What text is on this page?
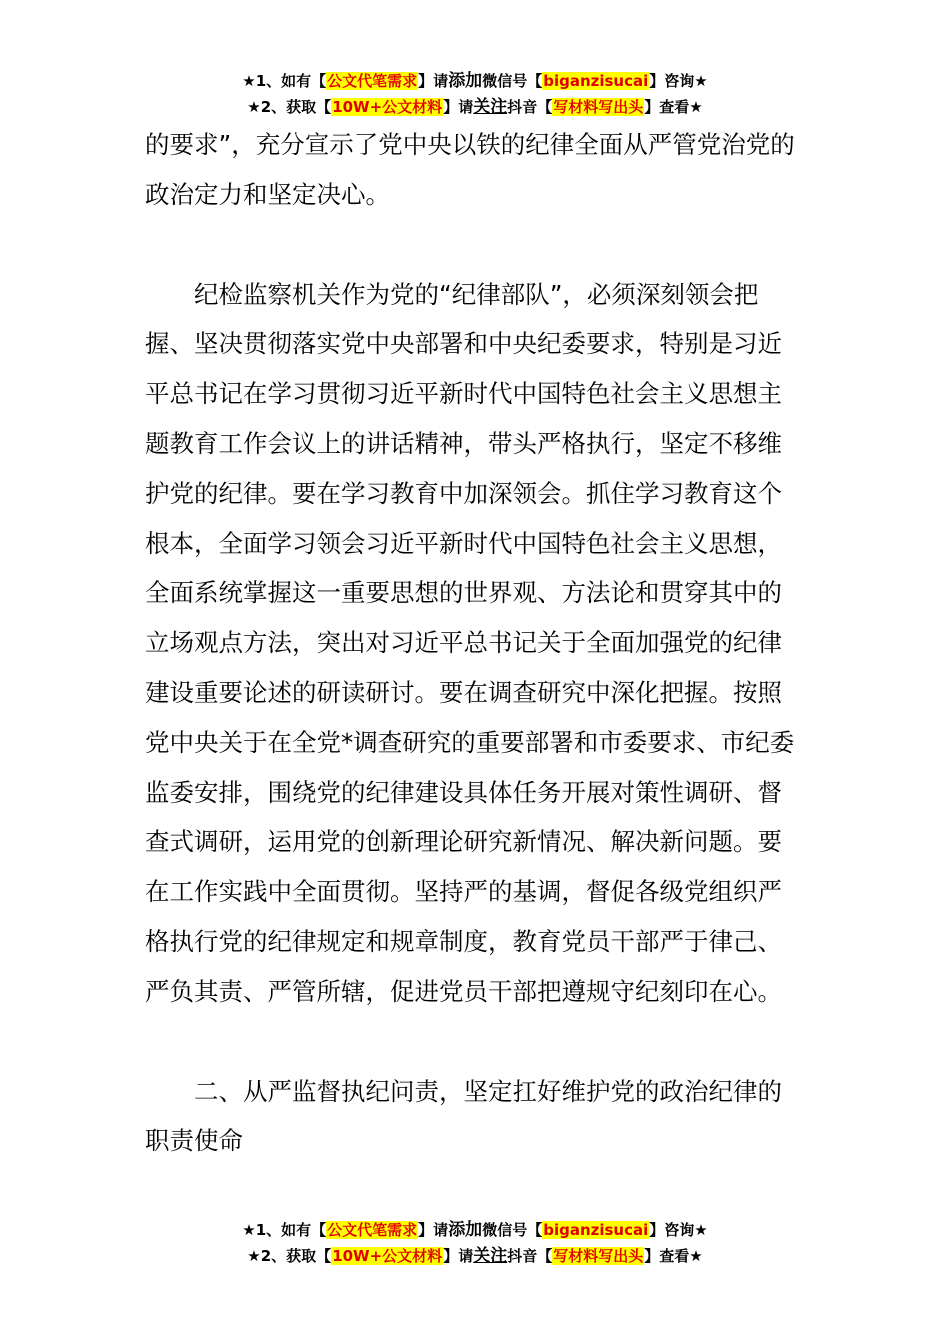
★1、如有【公文代笔需求】请添加微信号【biganzisucai】咨询★
★2、获取【10W+公文材料】请关注抖音【写材料写出头】查看★

的要求”，充分宣示了党中央以铁的纪律全面从严管党治党的政治定力和坚定决心。

纪检监察机关作为党的“纪律部队”，必须深刻领会把握、坚决贯彻落实党中央部署和中央纪委要求，特别是习近平总书记在学习贯彻习近平新时代中国特色社会主义思想主题教育工作会议上的讲话精神，带头严格执行，坚定不移维护党的纪律。要在学习教育中加深领会。抓住学习教育这个根本，全面学习领会习近平新时代中国特色社会主义思想，全面系统掌握这一重要思想的世界观、方法论和贯穿其中的立场观点方法，突出对习近平总书记关于全面加强党的纪律建设重要论述的研读研讨。要在调查研究中深化把握。按照党中央关于在全党*调查研究的重要部署和市委要求、市纪委监委安排，围绕党的纪律建设具体任务开展对策性调研、督查式调研，运用党的创新理论研究新情况、解决新问题。要在工作实践中全面贯彻。坚持严的基调，督促各级党组织严格执行党的纪律规定和规章制度，教育党员干部严于律己、严负其责、严管所辖，促进党员干部把遵规守纪刻印在心。

二、从严监督执纪问责，坚定扛好维护党的政治纪律的职责使命

★1、如有【公文代笔需求】请添加微信号【biganzisucai】咨询★
★2、获取【10W+公文材料】请关注抖音【写材料写出头】查看★
